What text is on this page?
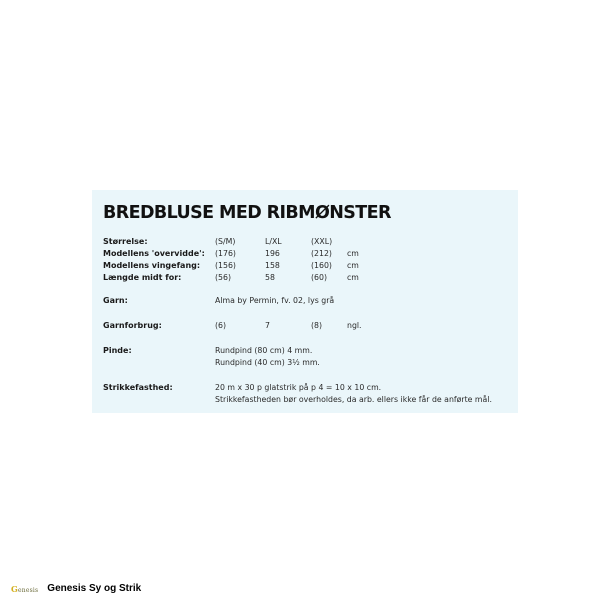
BREDBLUSE MED RIBMØNSTER
Størrelse:	(S/M)	L/XL	(XXL)
Modellens 'overvidde': (176)	196	(212) cm
Modellens vingefang: (156)	158	(160) cm
Længde midt for:	(56)	58	(60)	cm
Garn:	Alma by Permin, fv. 02, lys grå
Garnforbrug:	(6)	7	(8)	ngl.
Pinde:	Rundpind (80 cm) 4 mm.
Rundpind (40 cm) 3½ mm.
Strikkefasthed:	20 m x 30 p glatstrik på p 4 = 10 x 10 cm.
Strikkefastheden bør overholdes, da arb. ellers ikke får de anførte mål.
Genesis Genesis Sy og Strik
